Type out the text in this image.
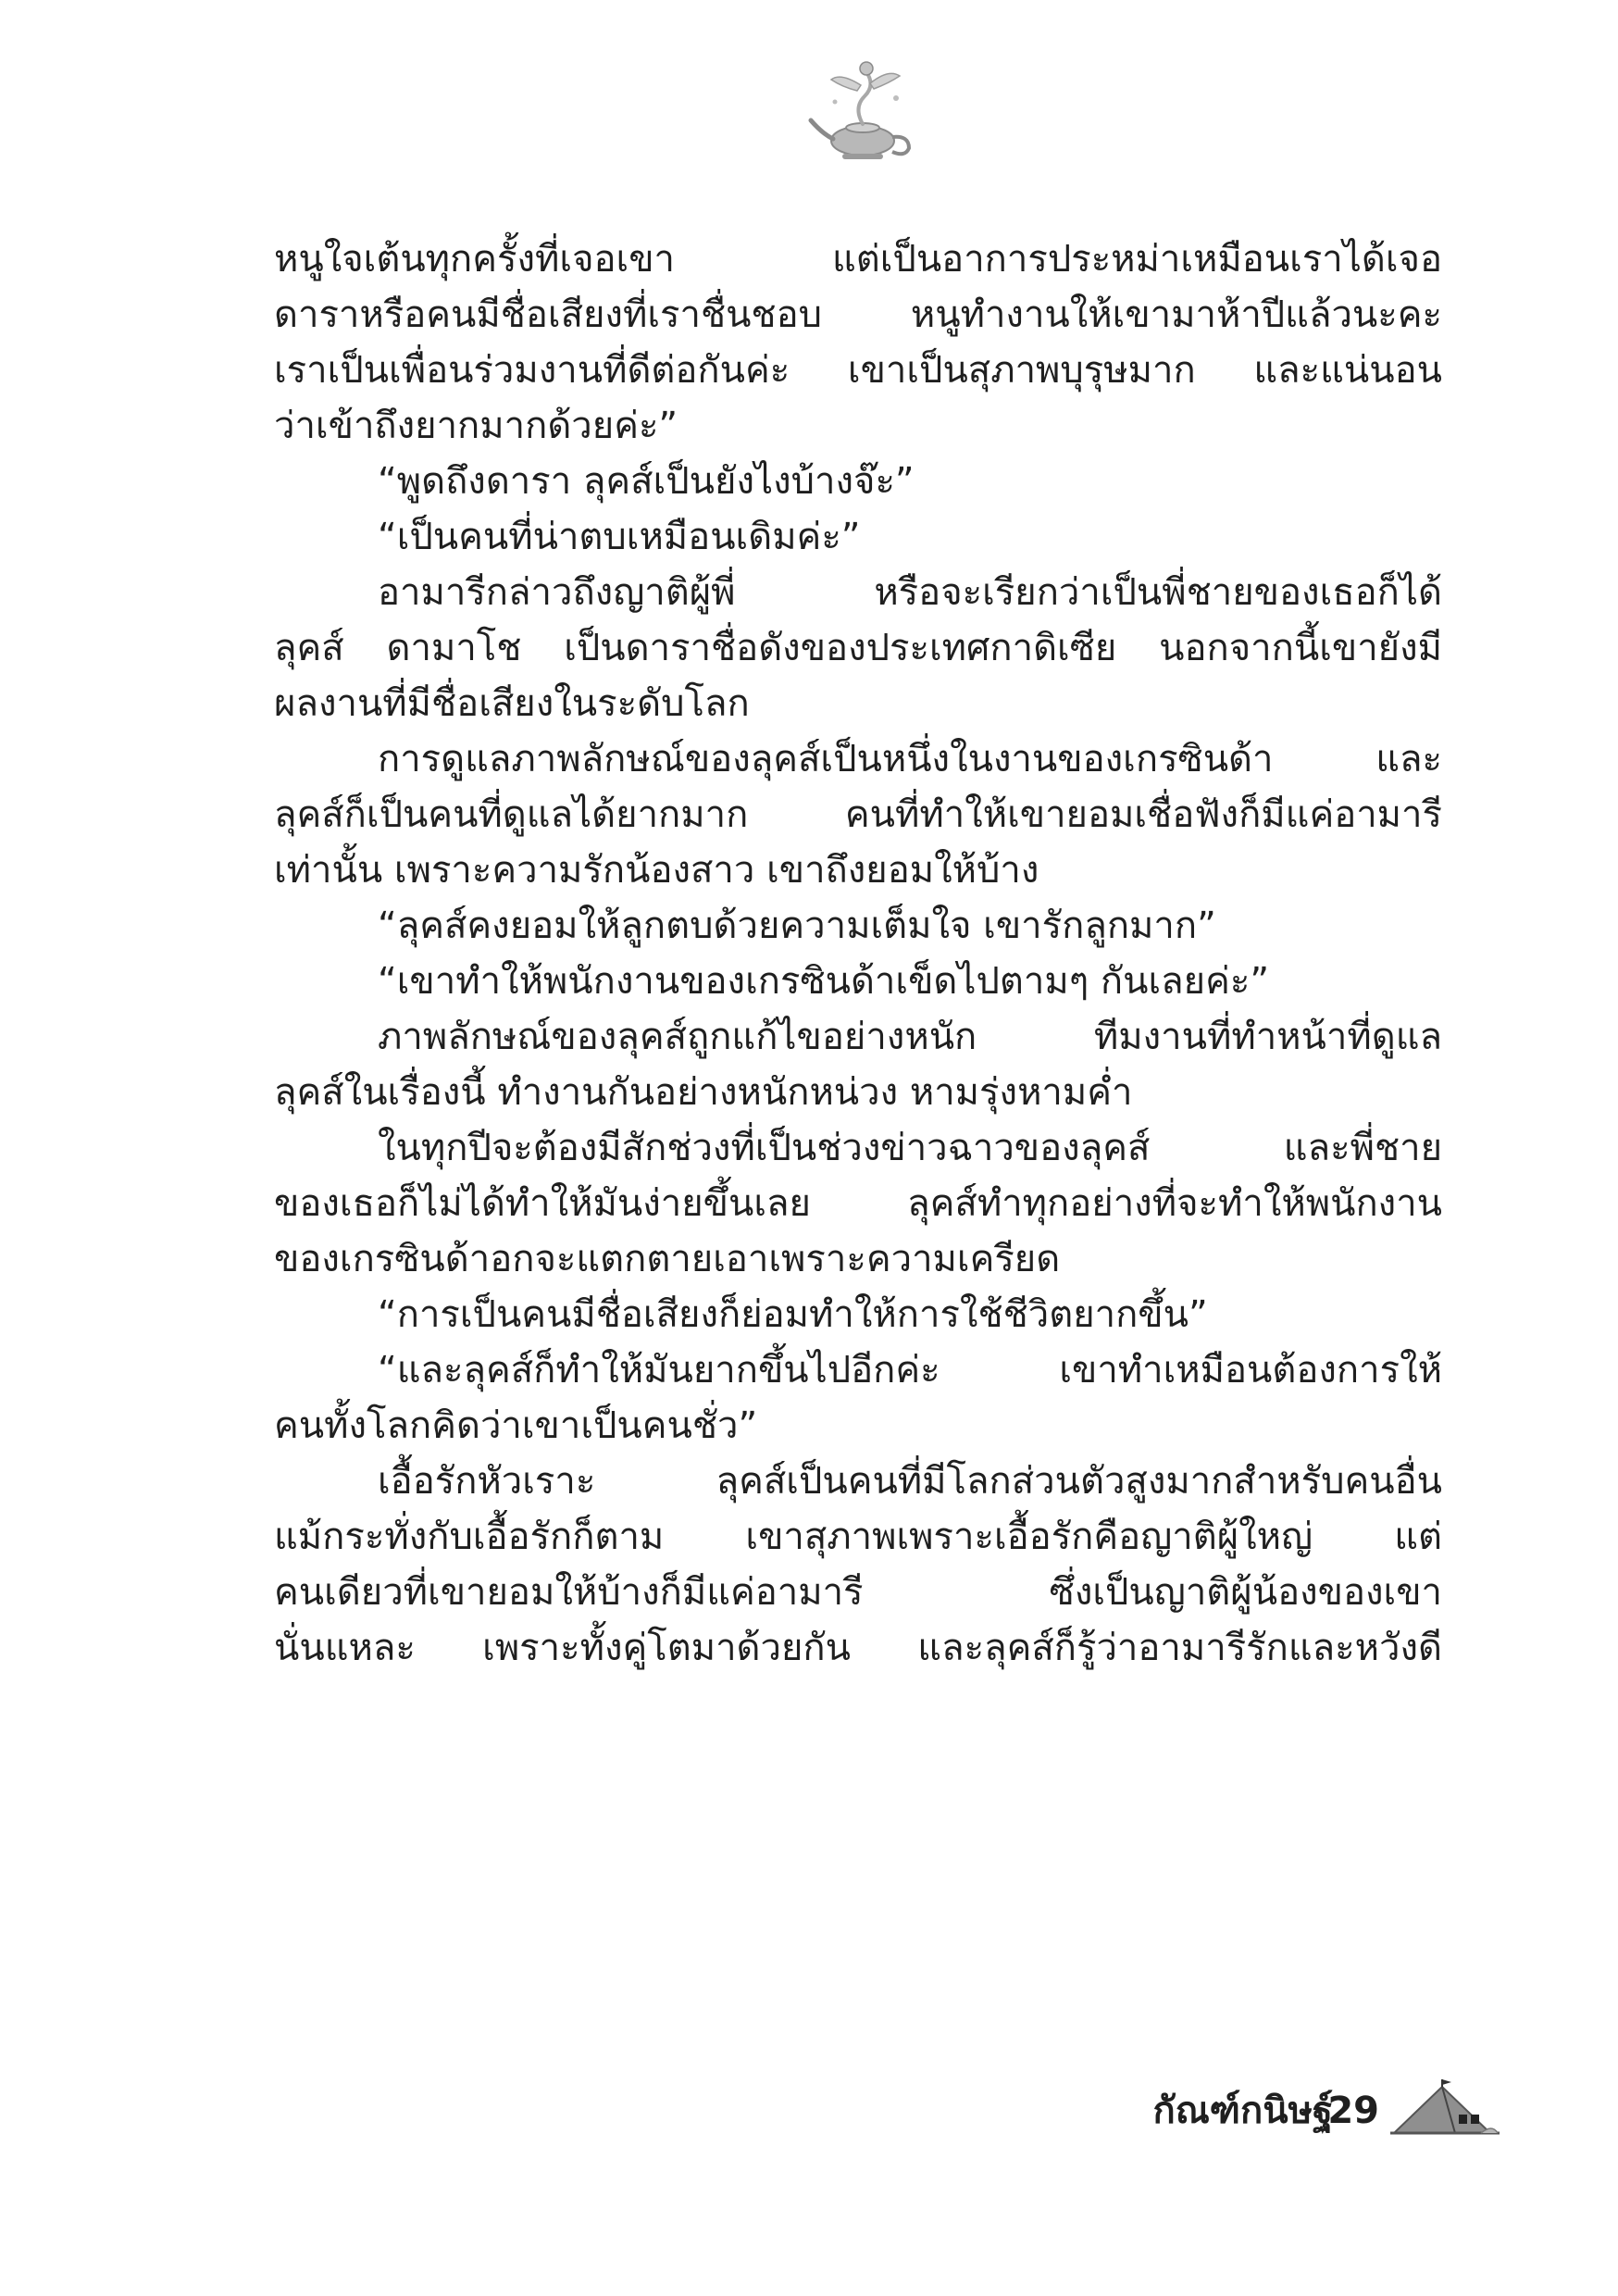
หนูใจเต้นทุกครั้งที่เจอเขา แต่เป็นอาการประหม่าเหมือนเราได้เจอ
ดาราหรือคนมีชื่อเสียงที่เราชื่นชอบ หนูทำงานให้เขามาห้าปีแล้วนะคะ
เราเป็นเพื่อนร่วมงานที่ดีต่อกันค่ะ เขาเป็นสุภาพบุรุษมาก และแน่นอน
ว่าเข้าถึงยากมากด้วยค่ะ”
“พูดถึงดารา ลุคส์เป็นยังไงบ้างจ๊ะ”
“เป็นคนที่น่าตบเหมือนเดิมค่ะ”
อามารีกล่าวถึงญาติผู้พี่ หรือจะเรียกว่าเป็นพี่ชายของเธอก็ได้
ลุคส์ ดามาโช เป็นดาราชื่อดังของประเทศกาดิเซีย นอกจากนี้เขายังมี
ผลงานที่มีชื่อเสียงในระดับโลก
การดูแลภาพลักษณ์ของลุคส์เป็นหนึ่งในงานของเกรซินด้า และ
ลุคส์ก็เป็นคนที่ดูแลได้ยากมาก คนที่ทำให้เขายอมเชื่อฟังก็มีแค่อามารี
เท่านั้น เพราะความรักน้องสาว เขาถึงยอมให้บ้าง
“ลุคส์คงยอมให้ลูกตบด้วยความเต็มใจ เขารักลูกมาก”
“เขาทำให้พนักงานของเกรซินด้าเข็ดไปตามๆ กันเลยค่ะ”
ภาพลักษณ์ของลุคส์ถูกแก้ไขอย่างหนัก ทีมงานที่ทำหน้าที่ดูแล
ลุคส์ในเรื่องนี้ ทำงานกันอย่างหนักหน่วง หามรุ่งหามค่ำ
ในทุกปีจะต้องมีสักช่วงที่เป็นช่วงข่าวฉาวของลุคส์ และพี่ชาย
ของเธอก็ไม่ได้ทำให้มันง่ายขึ้นเลย ลุคส์ทำทุกอย่างที่จะทำให้พนักงาน
ของเกรซินด้าอกจะแตกตายเอาเพราะความเครียด
“การเป็นคนมีชื่อเสียงก็ย่อมทำให้การใช้ชีวิตยากขึ้น”
“และลุคส์ก็ทำให้มันยากขึ้นไปอีกค่ะ เขาทำเหมือนต้องการให้
คนทั้งโลกคิดว่าเขาเป็นคนชั่ว”
เอื้อรักหัวเราะ ลุคส์เป็นคนที่มีโลกส่วนตัวสูงมากสำหรับคนอื่น
แม้กระทั่งกับเอื้อรักก็ตาม เขาสุภาพเพราะเอื้อรักคือญาติผู้ใหญ่ แต่
คนเดียวที่เขายอมให้บ้างก็มีแค่อามารี ซึ่งเป็นญาติผู้น้องของเขา
นั่นแหละ เพราะทั้งคู่โตมาด้วยกัน และลุคส์ก็รู้ว่าอามารีรักและหวังดี
กัณฑ์กนิษฐ์
29
